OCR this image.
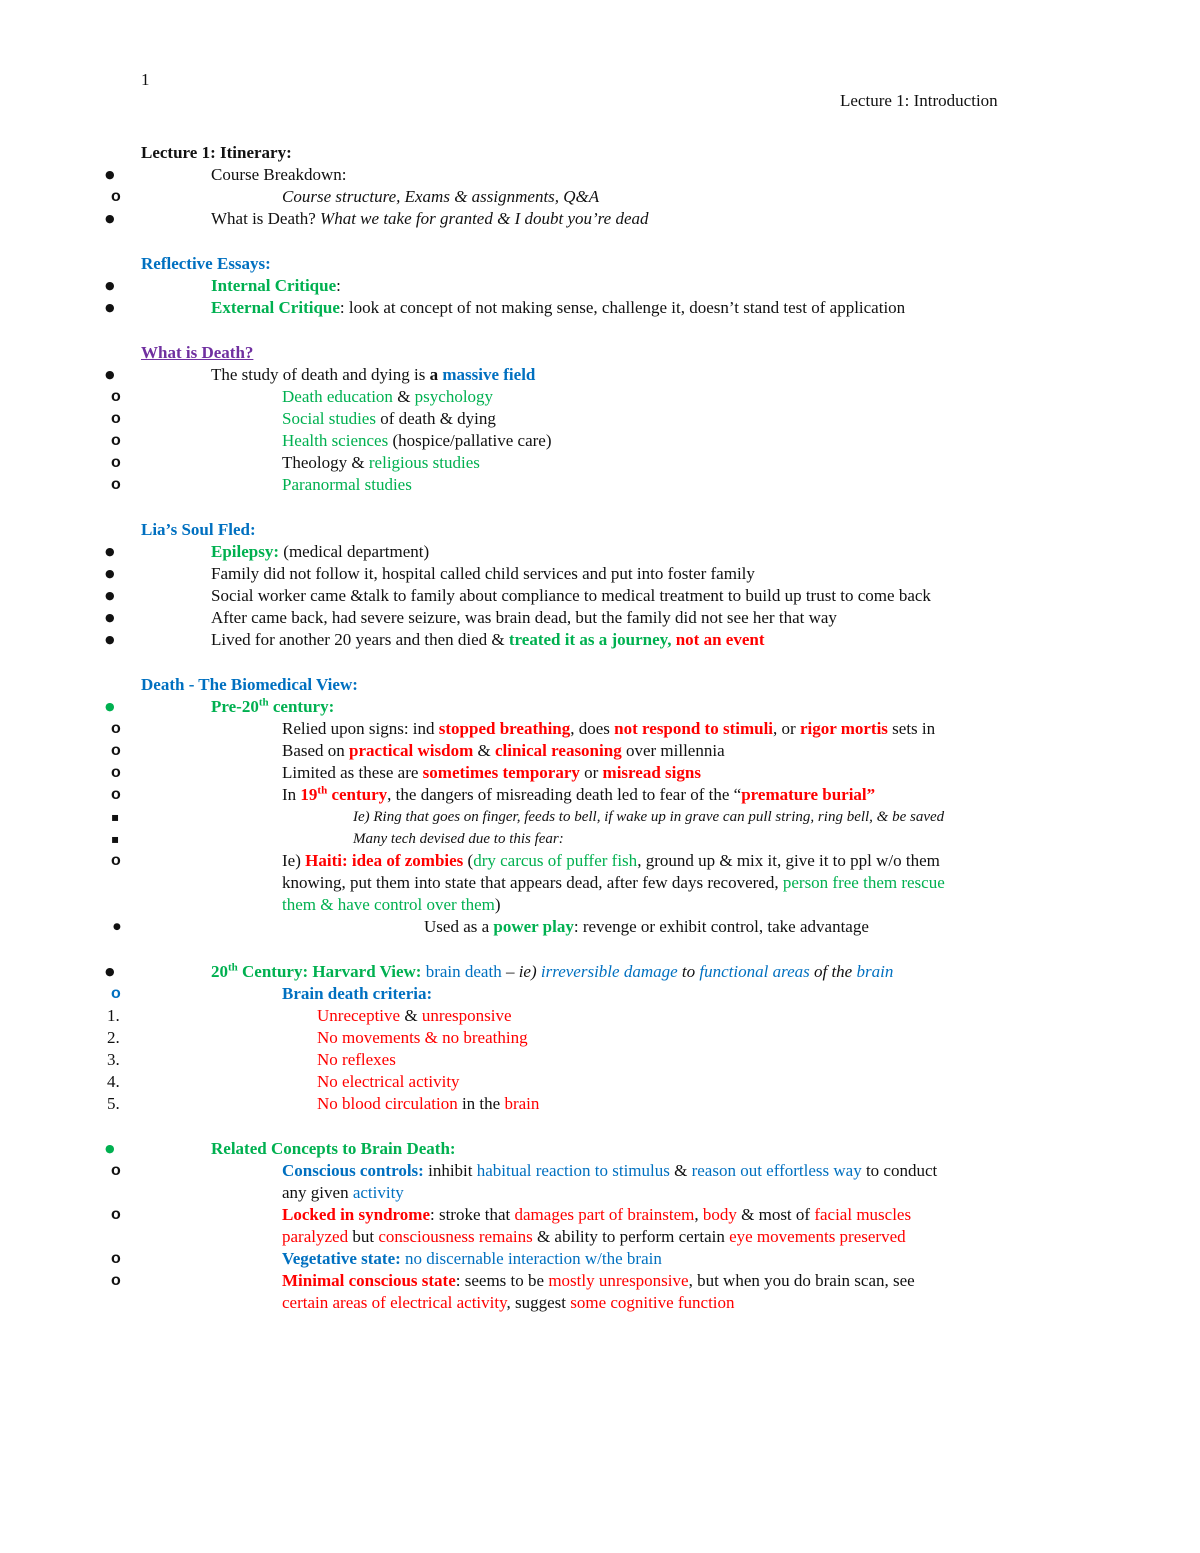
1
Lecture 1: Introduction
Lecture 1: Itinerary:
● Course Breakdown:
o Course structure, Exams & assignments, Q&A
● What is Death? What we take for granted & I doubt you’re dead
Reflective Essays:
● Internal Critique:
● External Critique: look at concept of not making sense, challenge it, doesn’t stand test of application
What is Death?
● The study of death and dying is a massive field
o Death education & psychology
o Social studies of death & dying
o Health sciences (hospice/pallative care)
o Theology & religious studies
o Paranormal studies
Lia’s Soul Fled:
● Epilepsy: (medical department)
● Family did not follow it, hospital called child services and put into foster family
● Social worker came &talk to family about compliance to medical treatment to build up trust to come back
● After came back, had severe seizure, was brain dead, but the family did not see her that way
● Lived for another 20 years and then died & treated it as a journey, not an event
Death - The Biomedical View:
● Pre-20th century:
o Relied upon signs: ind stopped breathing, does not respond to stimuli, or rigor mortis sets in
o Based on practical wisdom & clinical reasoning over millennia
o Limited as these are sometimes temporary or misread signs
o In 19th century, the dangers of misreading death led to fear of the “premature burial”
▪ Ie) Ring that goes on finger, feeds to bell, if wake up in grave can pull string, ring bell, & be saved
▪ Many tech devised due to this fear:
o Ie) Haiti: idea of zombies (dry carcus of puffer fish, ground up & mix it, give it to ppl w/o them
knowing, put them into state that appears dead, after few days recovered, person free them rescue
them & have control over them)
● Used as a power play: revenge or exhibit control, take advantage
● 20th Century: Harvard View: brain death – ie) irreversible damage to functional areas of the brain
o Brain death criteria:
1. Unreceptive & unresponsive
2. No movements & no breathing
3. No reflexes
4. No electrical activity
5. No blood circulation in the brain
● Related Concepts to Brain Death:
o Conscious controls: inhibit habitual reaction to stimulus & reason out effortless way to conduct
any given activity
o Locked in syndrome: stroke that damages part of brainstem, body & most of facial muscles
paralyzed but consciousness remains & ability to perform certain eye movements preserved
o Vegetative state: no discernable interaction w/the brain
o Minimal conscious state: seems to be mostly unresponsive, but when you do brain scan, see
certain areas of electrical activity, suggest some cognitive function
